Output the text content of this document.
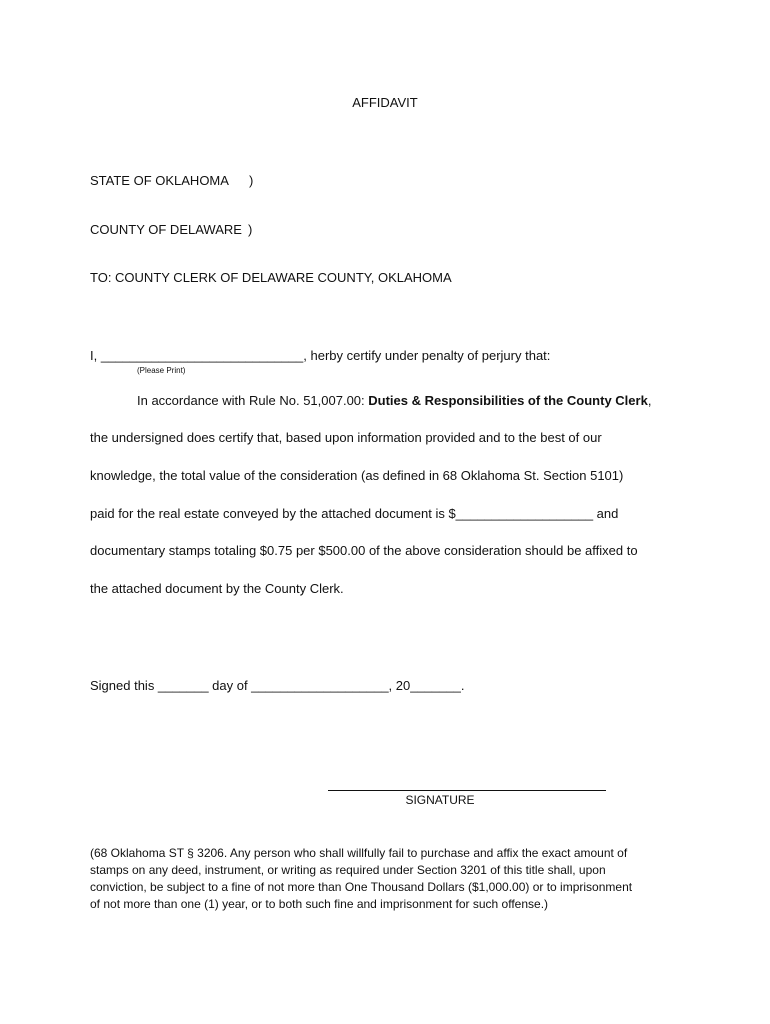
AFFIDAVIT
STATE OF OKLAHOMA )
COUNTY OF DELAWARE )
TO: COUNTY CLERK OF DELAWARE COUNTY, OKLAHOMA
I, ____________________________, herby certify under penalty of perjury that:
(Please Print)
In accordance with Rule No. 51,007.00: Duties & Responsibilities of the County Clerk,
the undersigned does certify that, based upon information provided and to the best of our
knowledge, the total value of the consideration (as defined in 68 Oklahoma St. Section 5101)
paid for the real estate conveyed by the attached document is $___________________ and
documentary stamps totaling $0.75 per $500.00 of the above consideration should be affixed to
the attached document by the County Clerk.
Signed this _______ day of ___________________, 20_______.
SIGNATURE
(68 Oklahoma ST § 3206. Any person who shall willfully fail to purchase and affix the exact amount of
stamps on any deed, instrument, or writing as required under Section 3201 of this title shall, upon
conviction, be subject to a fine of not more than One Thousand Dollars ($1,000.00) or to imprisonment
of not more than one (1) year, or to both such fine and imprisonment for such offense.)
